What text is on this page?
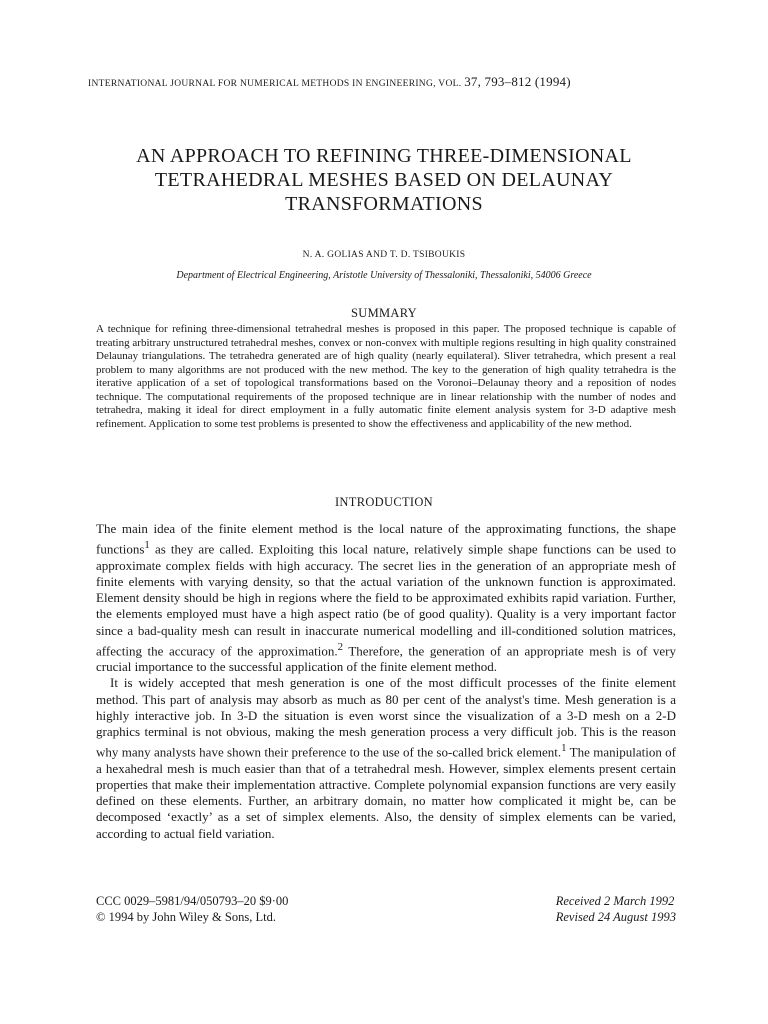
INTERNATIONAL JOURNAL FOR NUMERICAL METHODS IN ENGINEERING, VOL. 37, 793–812 (1994)
AN APPROACH TO REFINING THREE-DIMENSIONAL
TETRAHEDRAL MESHES BASED ON DELAUNAY
TRANSFORMATIONS
N. A. GOLIAS AND T. D. TSIBOUKIS
Department of Electrical Engineering, Aristotle University of Thessaloniki, Thessaloniki, 54006 Greece
SUMMARY

A technique for refining three-dimensional tetrahedral meshes is proposed in this paper. The proposed technique is capable of treating arbitrary unstructured tetrahedral meshes, convex or non-convex with multiple regions resulting in high quality constrained Delaunay triangulations. The tetrahedra generated are of high quality (nearly equilateral). Sliver tetrahedra, which present a real problem to many algorithms are not produced with the new method. The key to the generation of high quality tetrahedra is the iterative application of a set of topological transformations based on the Voronoi–Delaunay theory and a reposition of nodes technique. The computational requirements of the proposed technique are in linear relationship with the number of nodes and tetrahedra, making it ideal for direct employment in a fully automatic finite element analysis system for 3-D adaptive mesh refinement. Application to some test problems is presented to show the effectiveness and applicability of the new method.

INTRODUCTION

The main idea of the finite element method is the local nature of the approximating functions, the shape functions$^1$ as they are called. Exploiting this local nature, relatively simple shape functions can be used to approximate complex fields with high accuracy. The secret lies in the generation of an appropriate mesh of finite elements with varying density, so that the actual variation of the unknown function is approximated. Element density should be high in regions where the field to be approximated exhibits rapid variation. Further, the elements employed must have a high aspect ratio (be of good quality). Quality is a very important factor since a bad-quality mesh can result in inaccurate numerical modelling and ill-conditioned solution matrices, affecting the accuracy of the approximation.$^2$ Therefore, the generation of an appropriate mesh is of very crucial importance to the successful application of the finite element method.

It is widely accepted that mesh generation is one of the most difficult processes of the finite element method. This part of analysis may absorb as much as 80 per cent of the analyst's time. Mesh generation is a highly interactive job. In 3-D the situation is even worst since the visualization of a 3-D mesh on a 2-D graphics terminal is not obvious, making the mesh generation process a very difficult job. This is the reason why many analysts have shown their preference to the use of the so-called brick element.$^1$ The manipulation of a hexahedral mesh is much easier than that of a tetrahedral mesh. However, simplex elements present certain properties that make their implementation attractive. Complete polynomial expansion functions are very easily defined on these elements. Further, an arbitrary domain, no matter how complicated it might be, can be decomposed ‘exactly’ as a set of simplex elements. Also, the density of simplex elements can be varied, according to actual field variation.

CCC 0029–5981/94/050793–20 $9·00
© 1994 by John Wiley & Sons, Ltd.
Received 2 March 1992
Revised 24 August 1993
